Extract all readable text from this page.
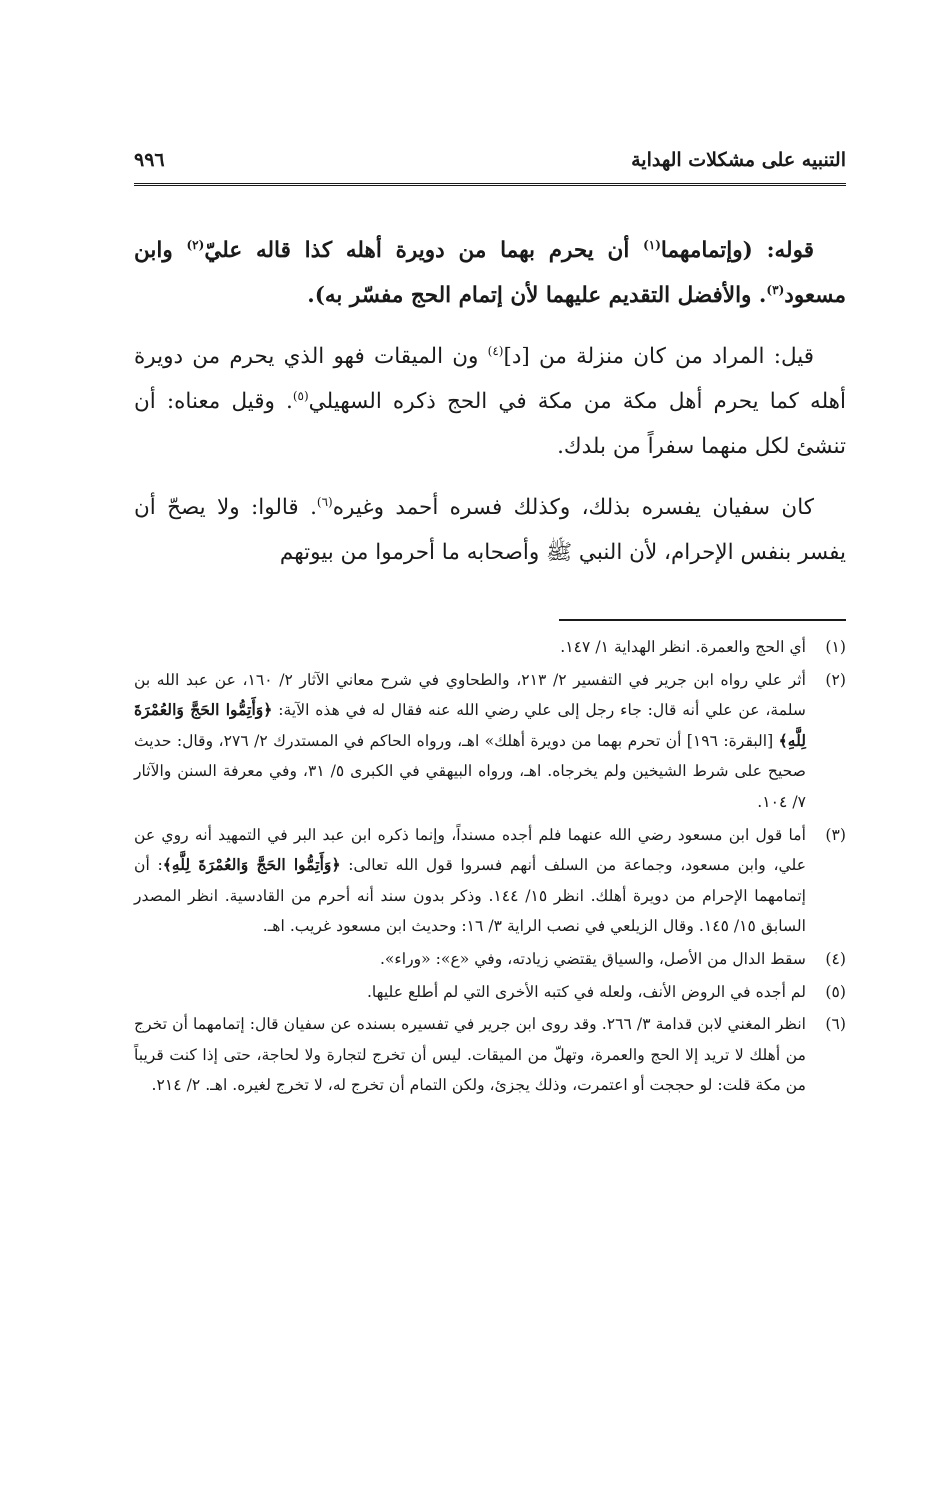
التنبيه على مشكلات الهداية
٩٩٦

قوله: (وإتمامهما$^{(١)}$ أن يحرم بهما من دويرة أهله كذا قاله عليّ$^{(٢)}$ وابن مسعود$^{(٣)}$. والأفضل التقديم عليهما لأن إتمام الحج مفسّر به).

قيل: المراد من كان منزلة من [د]$^{(٤)}$ ون الميقات فهو الذي يحرم من دويرة أهله كما يحرم أهل مكة من مكة في الحج ذكره السهيلي$^{(٥)}$. وقيل معناه: أن تنشئ لكل منهما سفراً من بلدك.

كان سفيان يفسره بذلك، وكذلك فسره أحمد وغيره$^{(٦)}$. قالوا: ولا يصحّ أن يفسر بنفس الإحرام، لأن النبي ﷺ وأصحابه ما أحرموا من بيوتهم

(١)
أي الحج والعمرة. انظر الهداية ١/ ١٤٧.
(٢)
أثر علي رواه ابن جرير في التفسير ٢/ ٢١٣، والطحاوي في شرح معاني الآثار ٢/ ١٦٠، عن عبد الله بن سلمة، عن علي أنه قال: جاء رجل إلى علي رضي الله عنه فقال له في هذه الآية: ﴿وَأَتِمُّوا الحَجَّ وَالعُمْرَةَ لِلَّهِ﴾ [البقرة: ١٩٦] أن تحرم بهما من دويرة أهلك» اهـ، ورواه الحاكم في المستدرك ٢/ ٢٧٦، وقال: حديث صحيح على شرط الشيخين ولم يخرجاه. اهـ، ورواه البيهقي في الكبرى ٥/ ٣١، وفي معرفة السنن والآثار ٧/ ١٠٤.
(٣)
أما قول ابن مسعود رضي الله عنهما فلم أجده مسنداً، وإنما ذكره ابن عبد البر في التمهيد أنه روي عن علي، وابن مسعود، وجماعة من السلف أنهم فسروا قول الله تعالى: ﴿وَأَتِمُّوا الحَجَّ وَالعُمْرَةَ لِلَّهِ﴾: أن إتمامهما الإحرام من دويرة أهلك. انظر ١٥/ ١٤٤. وذكر بدون سند أنه أحرم من القادسية. انظر المصدر السابق ١٥/ ١٤٥. وقال الزيلعي في نصب الراية ٣/ ١٦: وحديث ابن مسعود غريب. اهـ.
(٤)
سقط الدال من الأصل، والسياق يقتضي زيادته، وفي «ع»: «وراء».
(٥)
لم أجده في الروض الأنف، ولعله في كتبه الأخرى التي لم أطلع عليها.
(٦)
انظر المغني لابن قدامة ٣/ ٢٦٦. وقد روى ابن جرير في تفسيره بسنده عن سفيان قال: إتمامهما أن تخرج من أهلك لا تريد إلا الحج والعمرة، وتهلّ من الميقات. ليس أن تخرج لتجارة ولا لحاجة، حتى إذا كنت قريباً من مكة قلت: لو حججت أو اعتمرت، وذلك يجزئ، ولكن التمام أن تخرج له، لا تخرج لغيره. اهـ. ٢/ ٢١٤.
